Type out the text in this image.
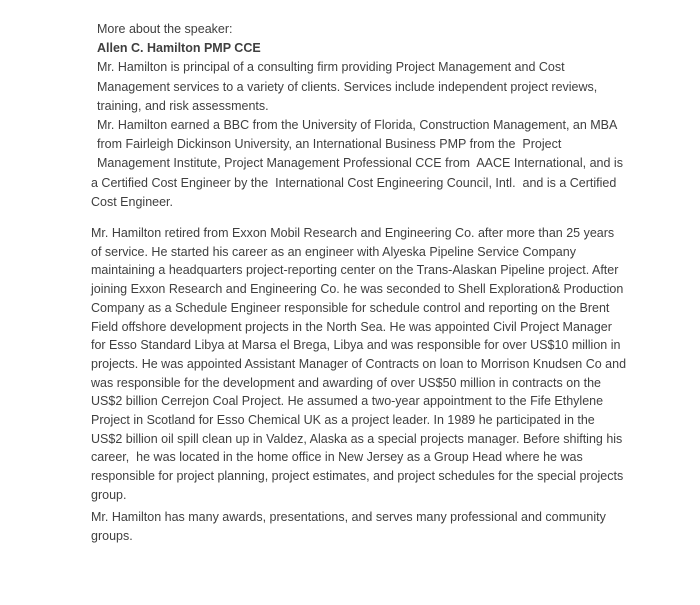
More about the speaker:
Allen C. Hamilton PMP CCE
Mr. Hamilton is principal of a consulting firm providing Project Management and Cost
Management services to a variety of clients. Services include independent project reviews,
training, and risk assessments.
Mr. Hamilton earned a BBC from the University of Florida, Construction Management, an MBA
from Fairleigh Dickinson University, an International Business PMP from the  Project
Management Institute, Project Management Professional CCE from  AACE International, and is
a Certified Cost Engineer by the  International Cost Engineering Council, Intl.  and is a Certified
Cost Engineer.
Mr. Hamilton retired from Exxon Mobil Research and Engineering Co. after more than 25 years
of service. He started his career as an engineer with Alyeska Pipeline Service Company
maintaining a headquarters project-reporting center on the Trans-Alaskan Pipeline project. After
joining Exxon Research and Engineering Co. he was seconded to Shell Exploration& Production
Company as a Schedule Engineer responsible for schedule control and reporting on the Brent
Field offshore development projects in the North Sea. He was appointed Civil Project Manager
for Esso Standard Libya at Marsa el Brega, Libya and was responsible for over US$10 million in
projects. He was appointed Assistant Manager of Contracts on loan to Morrison Knudsen Co and
was responsible for the development and awarding of over US$50 million in contracts on the
US$2 billion Cerrejon Coal Project. He assumed a two-year appointment to the Fife Ethylene
Project in Scotland for Esso Chemical UK as a project leader. In 1989 he participated in the
US$2 billion oil spill clean up in Valdez, Alaska as a special projects manager. Before shifting his
career,  he was located in the home office in New Jersey as a Group Head where he was
responsible for project planning, project estimates, and project schedules for the special projects
group.
Mr. Hamilton has many awards, presentations, and serves many professional and community
groups.
